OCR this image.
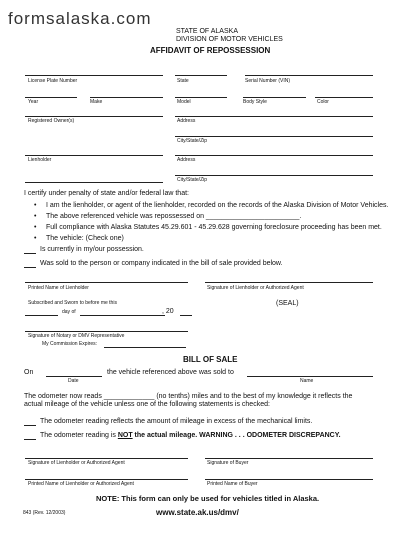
formsalaska.com
STATE OF ALASKA
DIVISION OF MOTOR VEHICLES
AFFIDAVIT OF REPOSSESSION
License Plate Number	State	Serial Number (VIN)
Year	Make	Model	Body Style	Color
Registered Owner(s)	Address
City/State/Zip
Lienholder	Address
City/State/Zip
I certify under penalty of state and/or federal law that:
• I am the lienholder, or agent of the lienholder, recorded on the records of the Alaska Division of Motor Vehicles.
• The above referenced vehicle was repossessed on ________________________.
• Full compliance with Alaska Statutes 45.29.601 - 45.29.628 governing foreclosure proceeding has been met.
• The vehicle: (Check one)
Is currently in my/our possession.
Was sold to the person or company indicated in the bill of sale provided below.
Printed Name of Lienholder	Signature of Lienholder or Authorized Agent
Subscribed and Sworn to before me this	(SEAL)
day of	, 20
Signature of Notary or DMV Representative
My Commission Expires:
BILL OF SALE
On	the vehicle referenced above was sold to
Date	Name
The odometer now reads _____________ (no tenths) miles and to the best of my knowledge it reflects the
actual mileage of the vehicle unless one of the following statements is checked:
The odometer reading reflects the amount of mileage in excess of the mechanical limits.
The odometer reading is NOT the actual mileage. WARNING . . . ODOMETER DISCREPANCY.
Signature of Lienholder or Authorized Agent	Signature of Buyer
Printed Name of Lienholder or Authorized Agent	Printed Name of Buyer
NOTE: This form can only be used for vehicles titled in Alaska.
843 (Rev. 12/2003)	www.state.ak.us/dmv/
